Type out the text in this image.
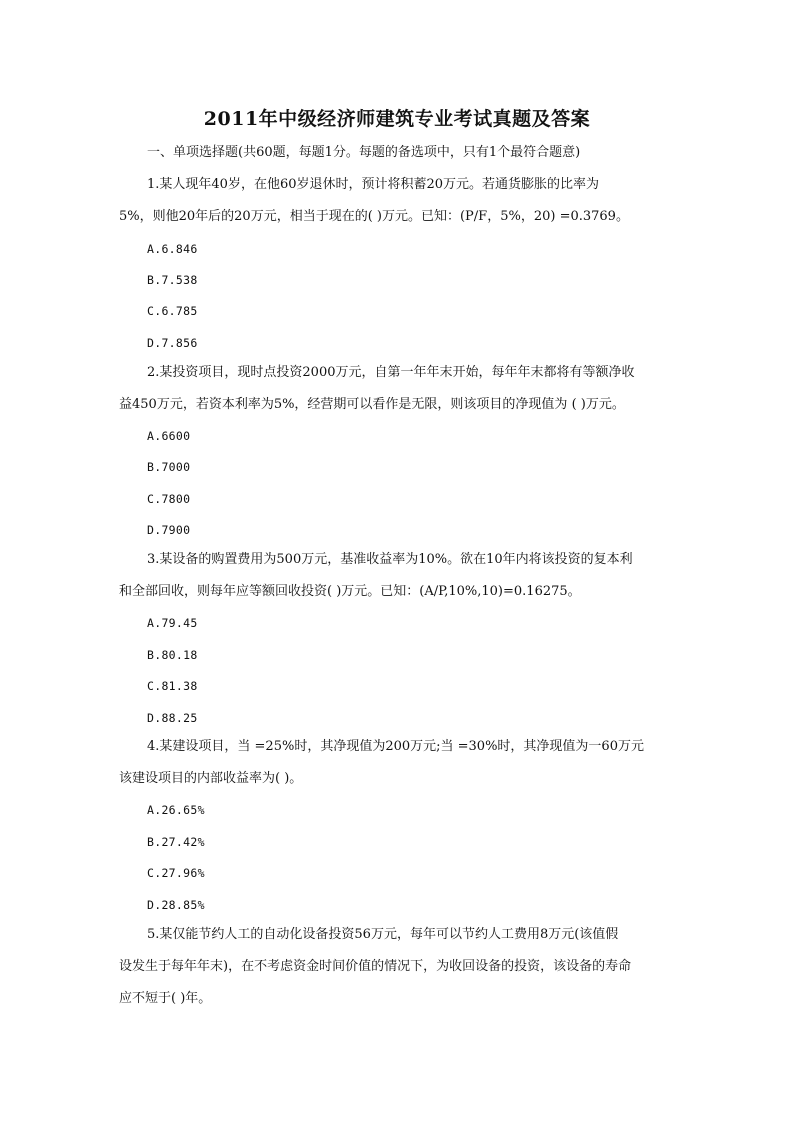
2011年中级经济师建筑专业考试真题及答案
一、单项选择题(共60题，每题1分。每题的备选项中，只有1个最符合题意)
1.某人现年40岁，在他60岁退休时，预计将积蓄20万元。若通货膨胀的比率为
5%，则他20年后的20万元，相当于现在的( )万元。已知：(P/F，5%，20) =0.3769。
A.6.846
B.7.538
C.6.785
D.7.856
2.某投资项目，现时点投资2000万元，自第一年年末开始，每年年末都将有等额净收
益450万元，若资本利率为5%，经营期可以看作是无限，则该项目的净现值为 ( )万元。
A.6600
B.7000
C.7800
D.7900
3.某设备的购置费用为500万元，基准收益率为10%。欲在10年内将该投资的复本利
和全部回收，则每年应等额回收投资( )万元。已知：(A/P,10%,10)=0.16275。
A.79.45
B.80.18
C.81.38
D.88.25
4.某建设项目，当 =25%时，其净现值为200万元;当 =30%时，其净现值为一60万元
该建设项目的内部收益率为( )。
A.26.65%
B.27.42%
C.27.96%
D.28.85%
5.某仅能节约人工的自动化设备投资56万元，每年可以节约人工费用8万元(该值假
设发生于每年年末)，在不考虑资金时间价值的情况下，为收回设备的投资，该设备的寿命
应不短于( )年。
